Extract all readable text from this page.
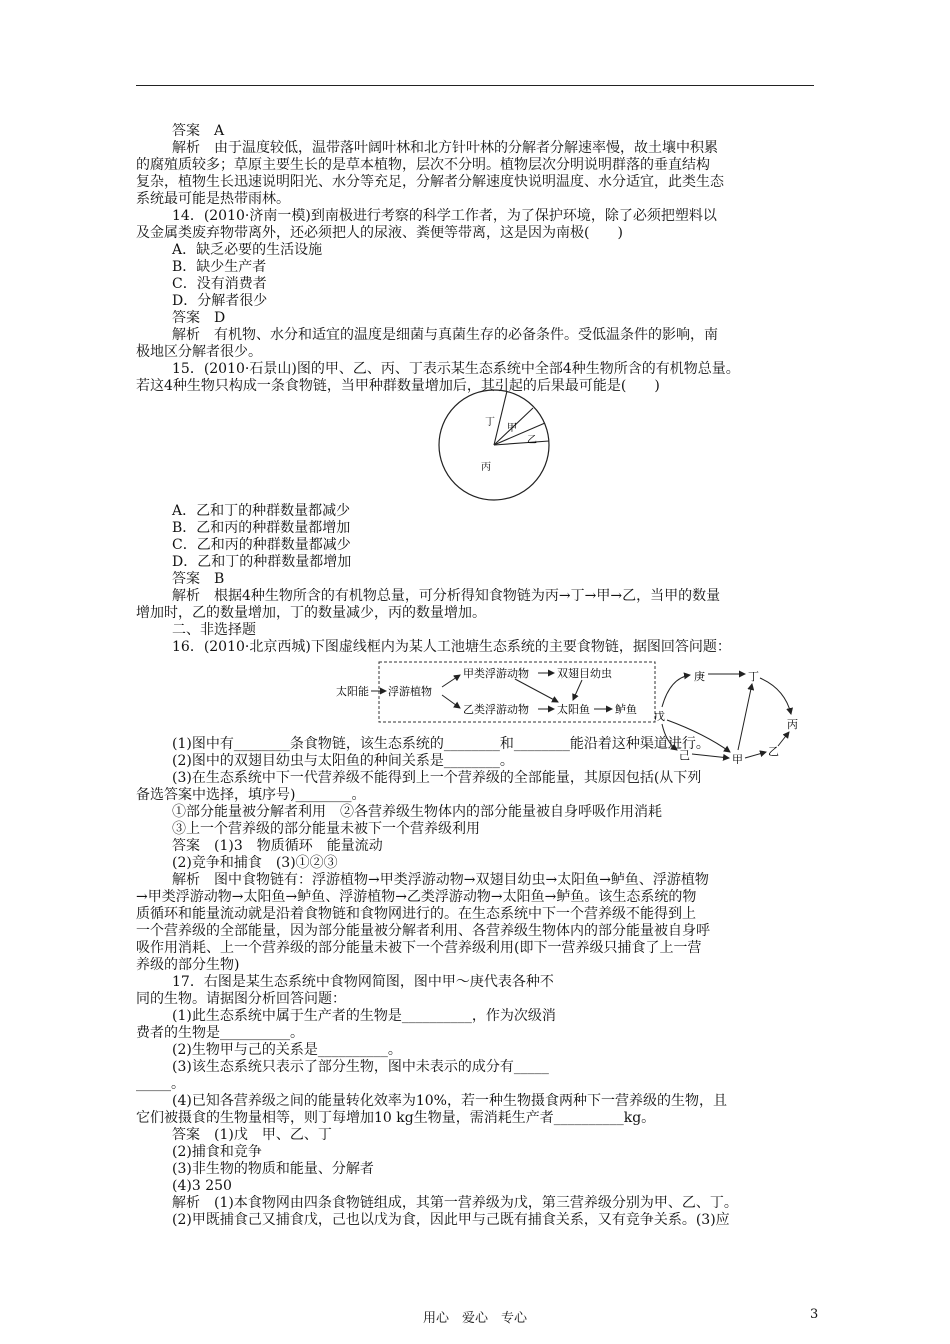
答案　A
解析　由于温度较低，温带落叶阔叶林和北方针叶林的分解者分解速率慢，故土壤中积累
的腐殖质较多；草原主要生长的是草本植物，层次不分明。植物层次分明说明群落的垂直结构
复杂，植物生长迅速说明阳光、水分等充足，分解者分解速度快说明温度、水分适宜，此类生态
系统最可能是热带雨林。
14．(2010·济南一模)到南极进行考察的科学工作者，为了保护环境，除了必须把塑料以
及金属类废弃物带离外，还必须把人的尿液、粪便等带离，这是因为南极(　　)
A．缺乏必要的生活设施
B．缺少生产者
C．没有消费者
D．分解者很少
答案　D
解析　有机物、水分和适宜的温度是细菌与真菌生存的必备条件。受低温条件的影响，南
极地区分解者很少。
15．(2010·石景山)图的甲、乙、丙、丁表示某生态系统中全部4种生物所含的有机物总量。
若这4种生物只构成一条食物链，当甲种群数量增加后，其引起的后果最可能是(　　)
A．乙和丁的种群数量都减少
B．乙和丙的种群数量都增加
C．乙和丙的种群数量都减少
D．乙和丁的种群数量都增加
答案　B
解析　根据4种生物所含的有机物总量，可分析得知食物链为丙→丁→甲→乙，当甲的数量
增加时，乙的数量增加，丁的数量减少，丙的数量增加。
二、非选择题
16．(2010·北京西城)下图虚线框内为某人工池塘生态系统的主要食物链，据图回答问题：
(1)图中有________条食物链，该生态系统的________和________能沿着这种渠道进行。
(2)图中的双翅目幼虫与太阳鱼的种间关系是________。
(3)在生态系统中下一代营养级不能得到上一个营养级的全部能量，其原因包括(从下列
备选答案中选择，填序号)________。
①部分能量被分解者利用　②各营养级生物体内的部分能量被自身呼吸作用消耗
③上一个营养级的部分能量未被下一个营养级利用
答案　(1)3　物质循环　能量流动
(2)竞争和捕食　(3)①②③
解析　图中食物链有：浮游植物→甲类浮游动物→双翅目幼虫→太阳鱼→鲈鱼、浮游植物
→甲类浮游动物→太阳鱼→鲈鱼、浮游植物→乙类浮游动物→太阳鱼→鲈鱼。该生态系统的物
质循环和能量流动就是沿着食物链和食物网进行的。在生态系统中下一个营养级不能得到上
一个营养级的全部能量，因为部分能量被分解者利用、各营养级生物体内的部分能量被自身呼
吸作用消耗、上一个营养级的部分能量未被下一个营养级利用(即下一营养级只捕食了上一营
养级的部分生物)
17．右图是某生态系统中食物网简图，图中甲～庚代表各种不
同的生物。请据图分析回答问题：
(1)此生态系统中属于生产者的生物是__________，作为次级消
费者的生物是__________。
(2)生物甲与己的关系是__________。
(3)该生态系统只表示了部分生物，图中未表示的成分有_____
_____。
(4)已知各营养级之间的能量转化效率为10%，若一种生物摄食两种下一营养级的生物，且
它们被摄食的生物量相等，则丁每增加10 kg生物量，需消耗生产者__________kg。
答案　(1)戊　甲、乙、丁
(2)捕食和竞争
(3)非生物的物质和能量、分解者
(4)3 250
解析　(1)本食物网由四条食物链组成，其第一营养级为戊，第三营养级分别为甲、乙、丁。
(2)甲既捕食己又捕食戊，己也以戊为食，因此甲与己既有捕食关系，又有竞争关系。(3)应
丁
甲
乙
丙
太阳能 浮游植物
甲类浮游动物
乙类浮游动物
双翅目幼虫
太阳鱼 鲈鱼
庚	丁
戊
丙
己	甲
乙
用心　爱心　专心	3
